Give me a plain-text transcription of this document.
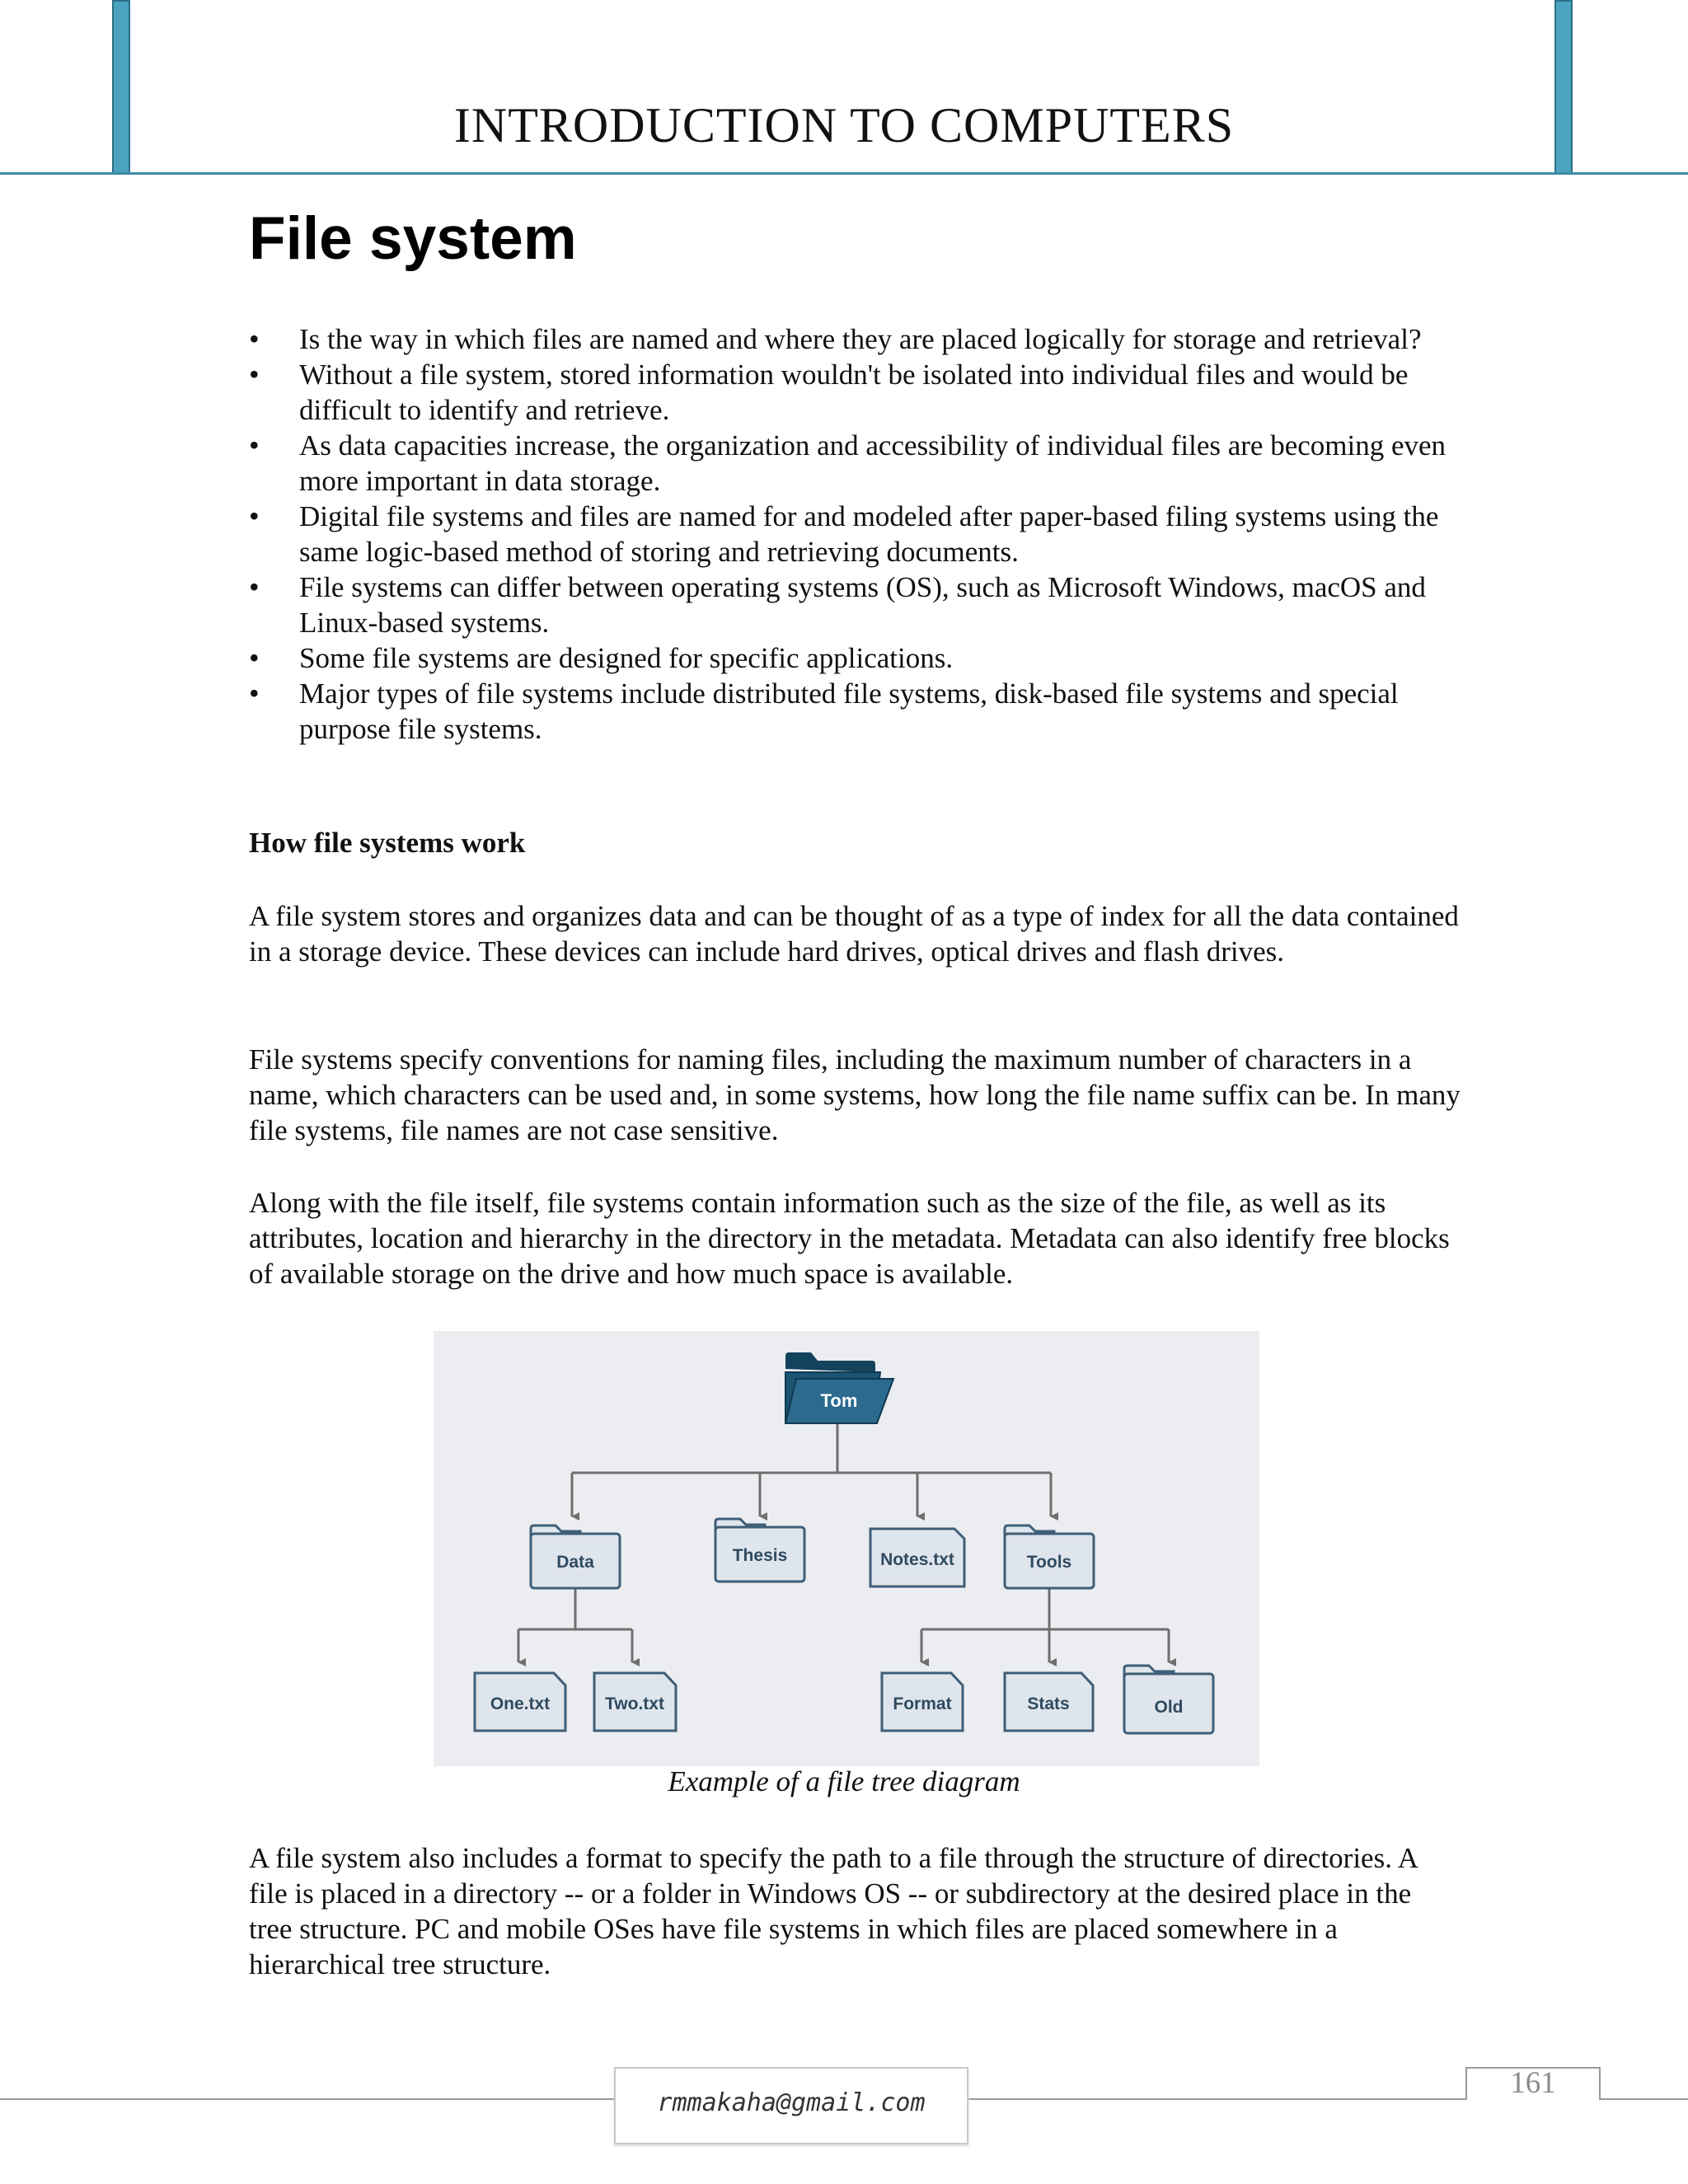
INTRODUCTION TO COMPUTERS
File system
• Is the way in which files are named and where they are placed logically for storage and retrieval?
• Without a file system, stored information wouldn't be isolated into individual files and would be difficult to identify and retrieve.
• As data capacities increase, the organization and accessibility of individual files are becoming even more important in data storage.
• Digital file systems and files are named for and modeled after paper-based filing systems using the same logic-based method of storing and retrieving documents.
• File systems can differ between operating systems (OS), such as Microsoft Windows, macOS and Linux-based systems.
• Some file systems are designed for specific applications.
• Major types of file systems include distributed file systems, disk-based file systems and special purpose file systems.
How file systems work

A file system stores and organizes data and can be thought of as a type of index for all the data contained in a storage device. These devices can include hard drives, optical drives and flash drives.

File systems specify conventions for naming files, including the maximum number of characters in a name, which characters can be used and, in some systems, how long the file name suffix can be. In many file systems, file names are not case sensitive.

Along with the file itself, file systems contain information such as the size of the file, as well as its attributes, location and hierarchy in the directory in the metadata. Metadata can also identify free blocks of available storage on the drive and how much space is available.

Tom
Data	Thesis	Notes.txt	Tools
One.txt	Two.txt	Format	Stats	Old
Example of a file tree diagram

A file system also includes a format to specify the path to a file through the structure of directories. A file is placed in a directory -- or a folder in Windows OS -- or subdirectory at the desired place in the tree structure. PC and mobile OSes have file systems in which files are placed somewhere in a hierarchical tree structure.

rmmakaha@gmail.com
161
